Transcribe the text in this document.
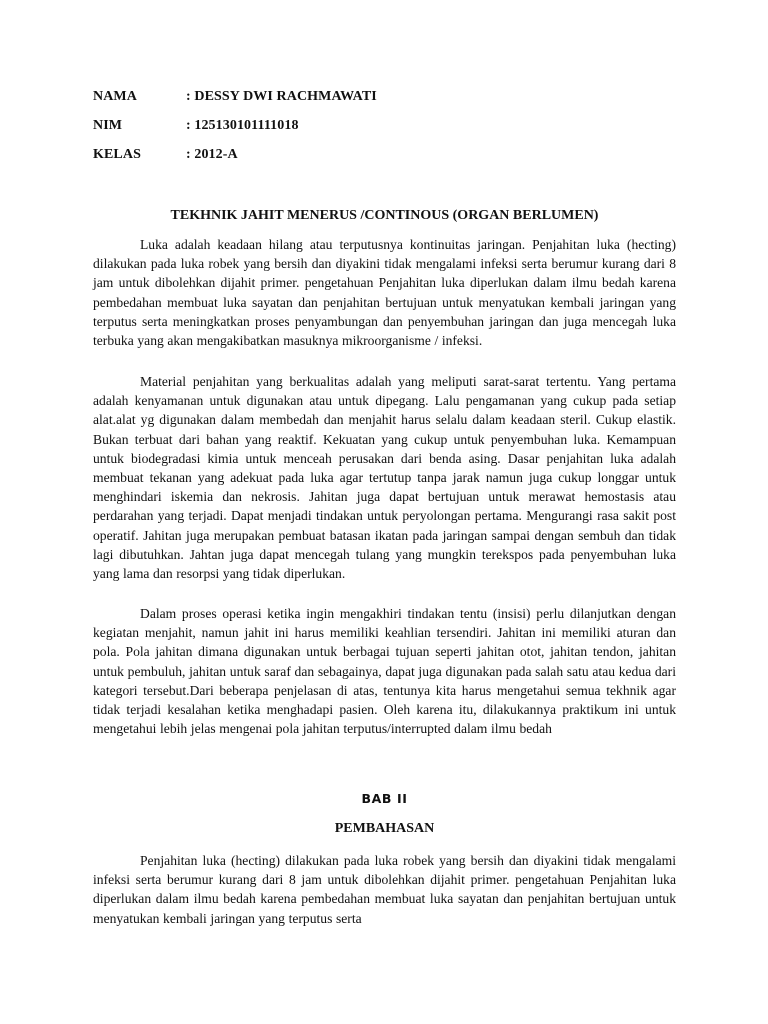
NAMA	: DESSY DWI RACHMAWATI
NIM	: 125130101111018
KELAS	: 2012-A
TEKHNIK JAHIT MENERUS /CONTINOUS (ORGAN BERLUMEN)

Luka adalah keadaan hilang atau terputusnya kontinuitas jaringan. Penjahitan luka (hecting) dilakukan pada luka robek yang bersih dan diyakini tidak mengalami infeksi serta berumur kurang dari 8 jam untuk dibolehkan dijahit primer. pengetahuan Penjahitan luka diperlukan dalam ilmu bedah karena pembedahan membuat luka sayatan dan penjahitan bertujuan untuk menyatukan kembali jaringan yang terputus serta meningkatkan proses penyambungan dan penyembuhan jaringan dan juga mencegah luka terbuka yang akan mengakibatkan masuknya mikroorganisme / infeksi.

Material penjahitan yang berkualitas adalah yang meliputi sarat-sarat tertentu. Yang pertama adalah kenyamanan untuk digunakan atau untuk dipegang. Lalu pengamanan yang cukup pada setiap alat.alat yg digunakan dalam membedah dan menjahit harus selalu dalam keadaan steril. Cukup elastik. Bukan terbuat dari bahan yang reaktif. Kekuatan yang cukup untuk penyembuhan luka. Kemampuan untuk biodegradasi kimia untuk menceah perusakan dari benda asing. Dasar penjahitan luka adalah membuat tekanan yang adekuat pada luka agar tertutup tanpa jarak namun juga cukup longgar untuk menghindari iskemia dan nekrosis. Jahitan juga dapat bertujuan untuk merawat hemostasis atau perdarahan yang terjadi. Dapat menjadi tindakan untuk peryolongan pertama. Mengurangi rasa sakit post operatif. Jahitan juga merupakan pembuat batasan ikatan pada jaringan sampai dengan sembuh dan tidak lagi dibutuhkan. Jahtan juga dapat mencegah tulang yang mungkin terekspos pada penyembuhan luka yang lama dan resorpsi yang tidak diperlukan.

Dalam proses operasi ketika ingin mengakhiri tindakan tentu (insisi) perlu dilanjutkan dengan kegiatan menjahit, namun jahit ini harus memiliki keahlian tersendiri. Jahitan ini memiliki aturan dan pola. Pola jahitan dimana digunakan untuk berbagai tujuan seperti jahitan otot, jahitan tendon, jahitan untuk pembuluh, jahitan untuk saraf dan sebagainya, dapat juga digunakan pada salah satu atau kedua dari kategori tersebut.Dari beberapa penjelasan di atas, tentunya kita harus mengetahui semua tekhnik agar tidak terjadi kesalahan ketika menghadapi pasien. Oleh karena itu, dilakukannya praktikum ini untuk mengetahui lebih jelas mengenai pola jahitan terputus/interrupted dalam ilmu bedah

BAB II
PEMBAHASAN

Penjahitan luka (hecting) dilakukan pada luka robek yang bersih dan diyakini tidak mengalami infeksi serta berumur kurang dari 8 jam untuk dibolehkan dijahit primer. pengetahuan Penjahitan luka diperlukan dalam ilmu bedah karena pembedahan membuat luka sayatan dan penjahitan bertujuan untuk menyatukan kembali jaringan yang terputus serta
